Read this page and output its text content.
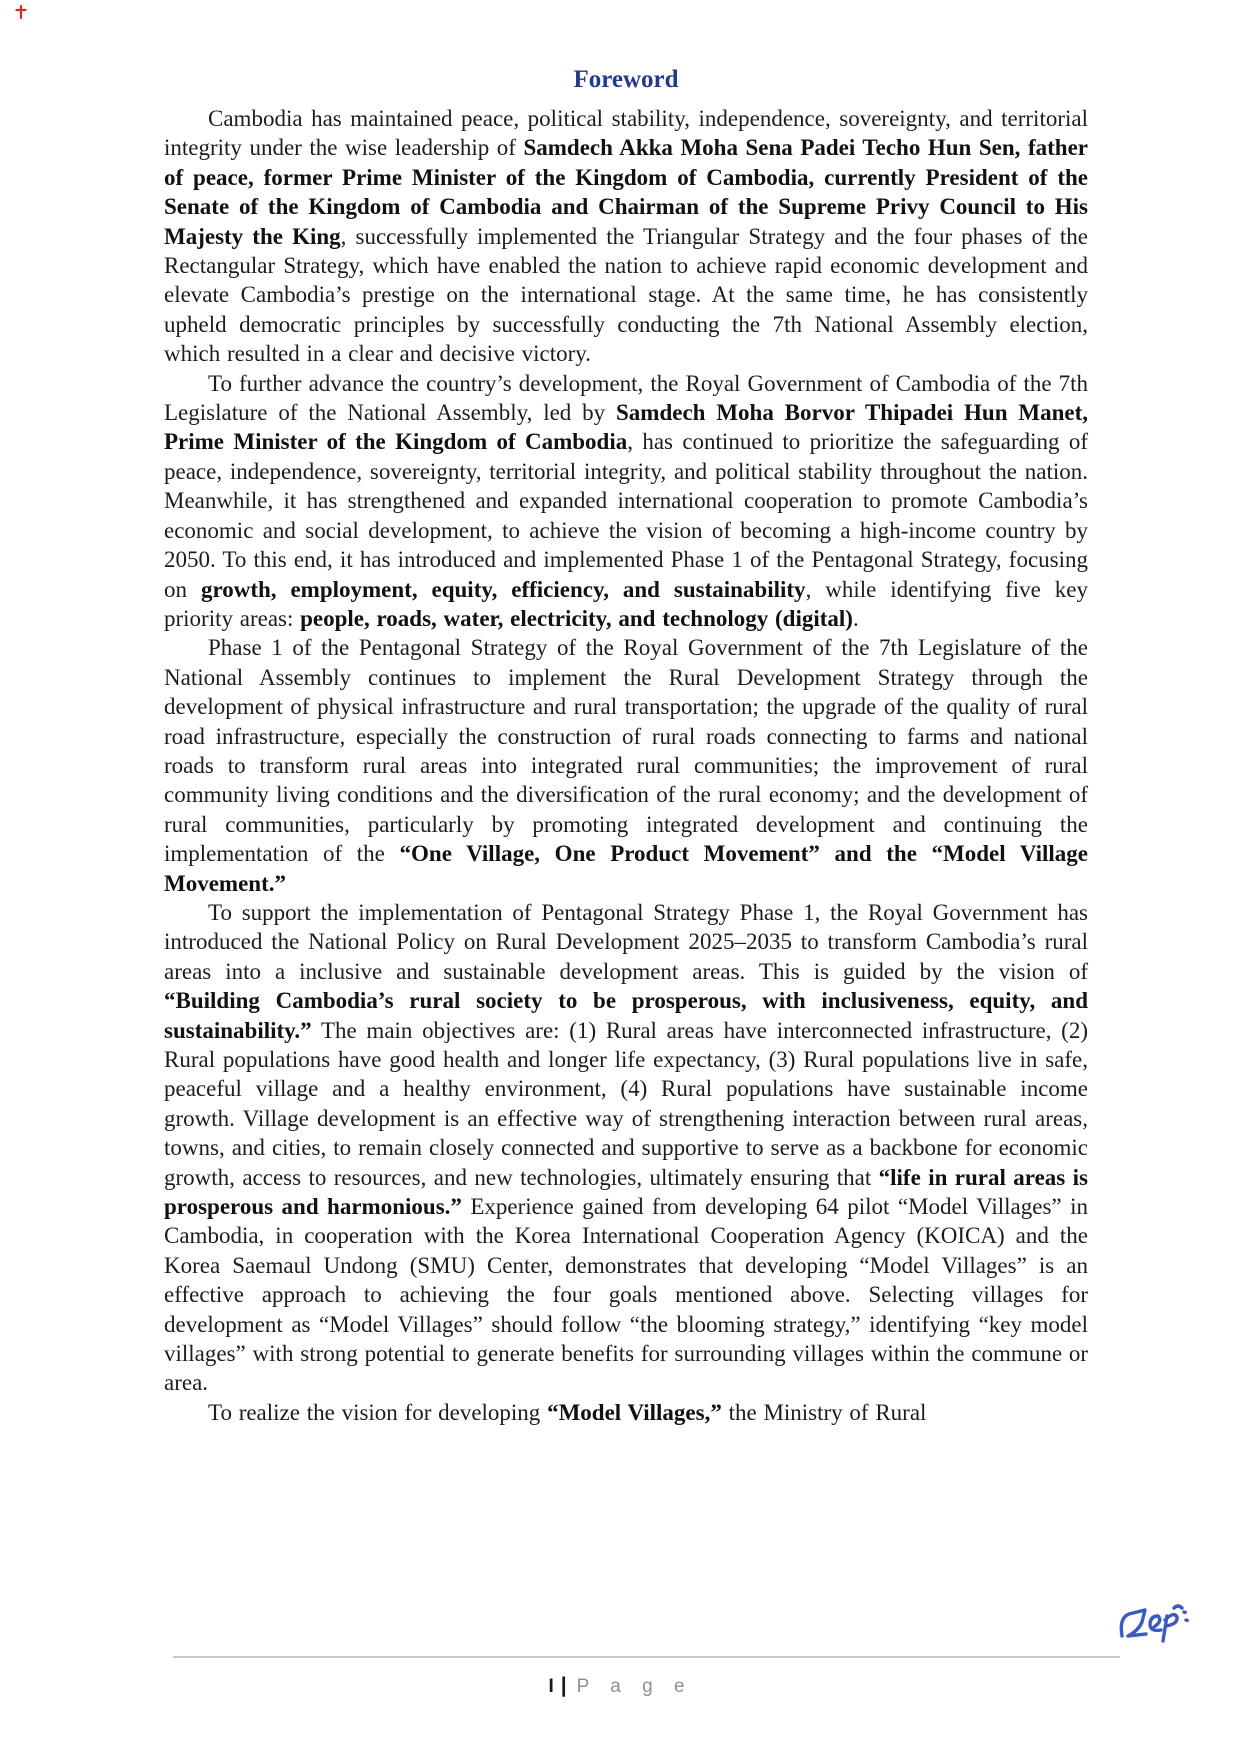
Foreword

Cambodia has maintained peace, political stability, independence, sovereignty, and territorial integrity under the wise leadership of Samdech Akka Moha Sena Padei Techo Hun Sen, father of peace, former Prime Minister of the Kingdom of Cambodia, currently President of the Senate of the Kingdom of Cambodia and Chairman of the Supreme Privy Council to His Majesty the King, successfully implemented the Triangular Strategy and the four phases of the Rectangular Strategy, which have enabled the nation to achieve rapid economic development and elevate Cambodia’s prestige on the international stage. At the same time, he has consistently upheld democratic principles by successfully conducting the 7th National Assembly election, which resulted in a clear and decisive victory.

To further advance the country’s development, the Royal Government of Cambodia of the 7th Legislature of the National Assembly, led by Samdech Moha Borvor Thipadei Hun Manet, Prime Minister of the Kingdom of Cambodia, has continued to prioritize the safeguarding of peace, independence, sovereignty, territorial integrity, and political stability throughout the nation. Meanwhile, it has strengthened and expanded international cooperation to promote Cambodia’s economic and social development, to achieve the vision of becoming a high-income country by 2050. To this end, it has introduced and implemented Phase 1 of the Pentagonal Strategy, focusing on growth, employment, equity, efficiency, and sustainability, while identifying five key priority areas: people, roads, water, electricity, and technology (digital).

Phase 1 of the Pentagonal Strategy of the Royal Government of the 7th Legislature of the National Assembly continues to implement the Rural Development Strategy through the development of physical infrastructure and rural transportation; the upgrade of the quality of rural road infrastructure, especially the construction of rural roads connecting to farms and national roads to transform rural areas into integrated rural communities; the improvement of rural community living conditions and the diversification of the rural economy; and the development of rural communities, particularly by promoting integrated development and continuing the implementation of the “One Village, One Product Movement” and the “Model Village Movement.”

To support the implementation of Pentagonal Strategy Phase 1, the Royal Government has introduced the National Policy on Rural Development 2025–2035 to transform Cambodia’s rural areas into a inclusive and sustainable development areas. This is guided by the vision of “Building Cambodia’s rural society to be prosperous, with inclusiveness, equity, and sustainability.” The main objectives are: (1) Rural areas have interconnected infrastructure, (2) Rural populations have good health and longer life expectancy, (3) Rural populations live in safe, peaceful village and a healthy environment, (4) Rural populations have sustainable income growth. Village development is an effective way of strengthening interaction between rural areas, towns, and cities, to remain closely connected and supportive to serve as a backbone for economic growth, access to resources, and new technologies, ultimately ensuring that “life in rural areas is prosperous and harmonious.” Experience gained from developing 64 pilot “Model Villages” in Cambodia, in cooperation with the Korea International Cooperation Agency (KOICA) and the Korea Saemaul Undong (SMU) Center, demonstrates that developing “Model Villages” is an effective approach to achieving the four goals mentioned above. Selecting villages for development as “Model Villages” should follow “the blooming strategy,” identifying “key model villages” with strong potential to generate benefits for surrounding villages within the commune or area.

To realize the vision for developing “Model Villages,” the Ministry of Rural

I | P a g e
